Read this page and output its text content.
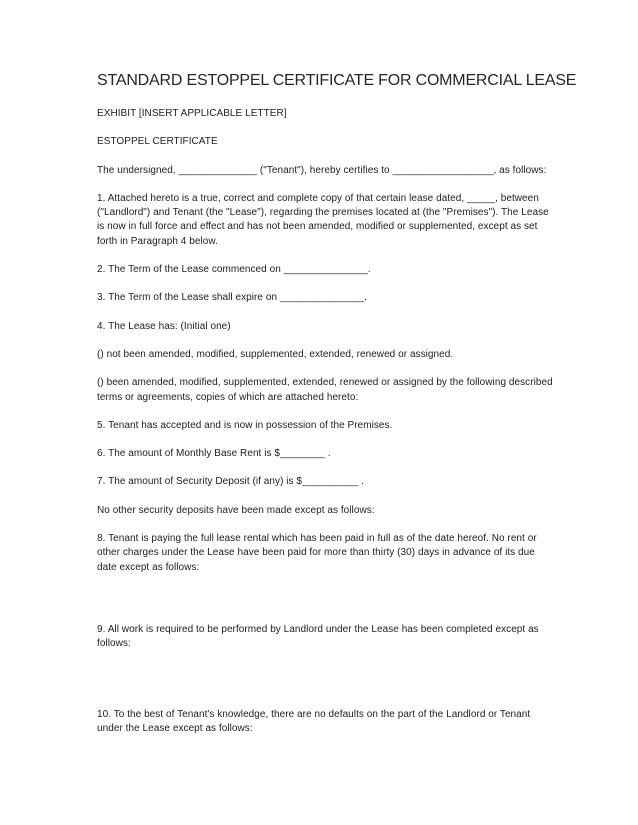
STANDARD ESTOPPEL CERTIFICATE FOR COMMERCIAL LEASE

EXHIBIT [INSERT APPLICABLE LETTER]

ESTOPPEL CERTIFICATE

The undersigned, ______________ ("Tenant"), hereby certifies to __________________, as follows:

1. Attached hereto is a true, correct and complete copy of that certain lease dated, _____, between ("Landlord") and Tenant (the "Lease"), regarding the premises located at (the "Premises"). The Lease is now in full force and effect and has not been amended, modified or supplemented, except as set forth in Paragraph 4 below.

2. The Term of the Lease commenced on _______________.

3. The Term of the Lease shall expire on _______________.

4. The Lease has: (Initial one)

() not been amended, modified, supplemented, extended, renewed or assigned.

() been amended, modified, supplemented, extended, renewed or assigned by the following described terms or agreements, copies of which are attached hereto:

5. Tenant has accepted and is now in possession of the Premises.

6. The amount of Monthly Base Rent is $________ .

7. The amount of Security Deposit (if any) is $__________ .

No other security deposits have been made except as follows:

8. Tenant is paying the full lease rental which has been paid in full as of the date hereof. No rent or other charges under the Lease have been paid for more than thirty (30) days in advance of its due date except as follows:

9. All work is required to be performed by Landlord under the Lease has been completed except as follows:

10. To the best of Tenant's knowledge, there are no defaults on the part of the Landlord or Tenant under the Lease except as follows:
